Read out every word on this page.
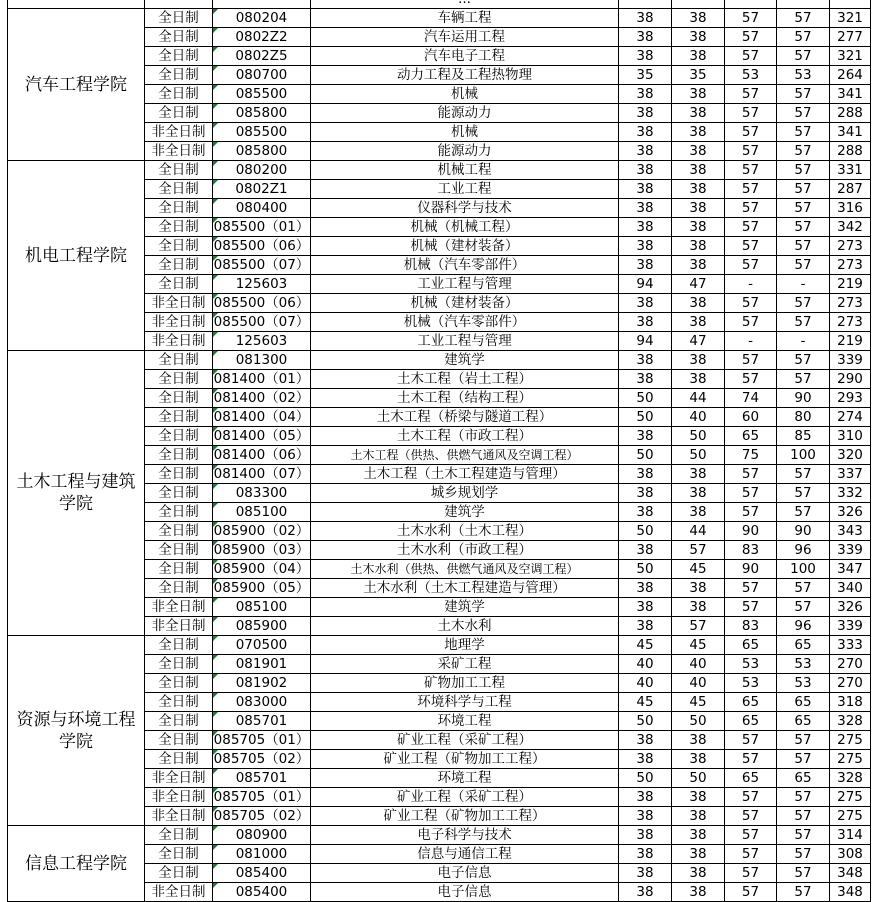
汽车工程学院	全日制	080204	车辆工程	38	38	57	57	321
	全日制	0802Z2	汽车运用工程	38	38	57	57	277
	全日制	0802Z5	汽车电子工程	38	38	57	57	321
	全日制	080700	动力工程及工程热物理	35	35	53	53	264
	全日制	085500	机械	38	38	57	57	341
	全日制	085800	能源动力	38	38	57	57	288
	非全日制	085500	机械	38	38	57	57	341
	非全日制	085800	能源动力	38	38	57	57	288
机电工程学院	全日制	080200	机械工程	38	38	57	57	331
	全日制	0802Z1	工业工程	38	38	57	57	287
	全日制	080400	仪器科学与技术	38	38	57	57	316
	全日制	085500（01）	机械（机械工程）	38	38	57	57	342
	全日制	085500（06）	机械（建材装备）	38	38	57	57	273
	全日制	085500（07）	机械（汽车零部件）	38	38	57	57	273
	全日制	125603	工业工程与管理	94	47	-	-	219
	非全日制	085500（06）	机械（建材装备）	38	38	57	57	273
	非全日制	085500（07）	机械（汽车零部件）	38	38	57	57	273
	非全日制	125603	工业工程与管理	94	47	-	-	219
土木工程与建筑学院	全日制	081300	建筑学	38	38	57	57	339
	全日制	081400（01）	土木工程（岩土工程）	38	38	57	57	290
	全日制	081400（02）	土木工程（结构工程）	50	44	74	90	293
	全日制	081400（04）	土木工程（桥梁与隧道工程）	50	40	60	80	274
	全日制	081400（05）	土木工程（市政工程）	38	50	65	85	310
	全日制	081400（06）	土木工程（供热、供燃气通风及空调工程）	50	50	75	100	320
	全日制	081400（07）	土木工程（土木工程建造与管理）	38	38	57	57	337
	全日制	083300	城乡规划学	38	38	57	57	332
	全日制	085100	建筑学	38	38	57	57	326
	全日制	085900（02）	土木水利（土木工程）	50	44	90	90	343
	全日制	085900（03）	土木水利（市政工程）	38	57	83	96	339
	全日制	085900（04）	土木水利（供热、供燃气通风及空调工程）	50	45	90	100	347
	全日制	085900（05）	土木水利（土木工程建造与管理）	38	38	57	57	340
	非全日制	085100	建筑学	38	38	57	57	326
	非全日制	085900	土木水利	38	57	83	96	339
资源与环境工程学院	全日制	070500	地理学	45	45	65	65	333
	全日制	081901	采矿工程	40	40	53	53	270
	全日制	081902	矿物加工工程	40	40	53	53	270
	全日制	083000	环境科学与工程	45	45	65	65	318
	全日制	085701	环境工程	50	50	65	65	328
	全日制	085705（01）	矿业工程（采矿工程）	38	38	57	57	275
	全日制	085705（02）	矿业工程（矿物加工工程）	38	38	57	57	275
	非全日制	085701	环境工程	50	50	65	65	328
	非全日制	085705（01）	矿业工程（采矿工程）	38	38	57	57	275
	非全日制	085705（02）	矿业工程（矿物加工工程）	38	38	57	57	275
信息工程学院	全日制	080900	电子科学与技术	38	38	57	57	314
	全日制	081000	信息与通信工程	38	38	57	57	308
	全日制	085400	电子信息	38	38	57	57	348
	非全日制	085400	电子信息	38	38	57	57	348
